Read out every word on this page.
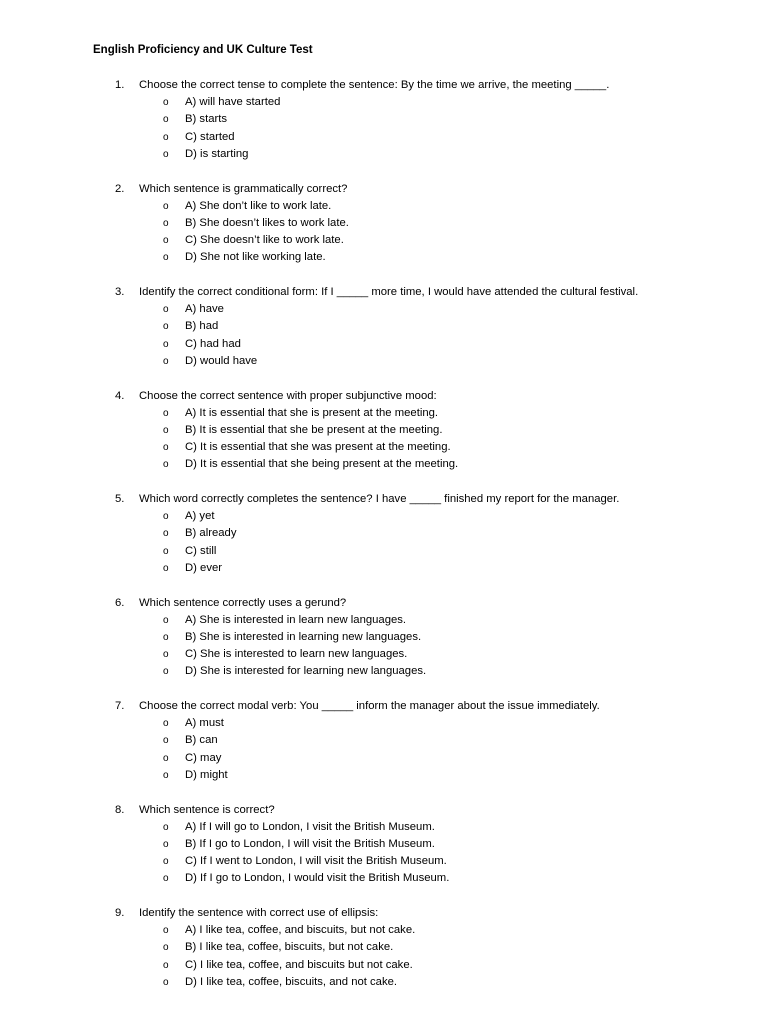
English Proficiency and UK Culture Test
1. Choose the correct tense to complete the sentence: By the time we arrive, the meeting _____.
o A) will have started
o B) starts
o C) started
o D) is starting
2. Which sentence is grammatically correct?
o A) She don’t like to work late.
o B) She doesn’t likes to work late.
o C) She doesn’t like to work late.
o D) She not like working late.
3. Identify the correct conditional form: If I _____ more time, I would have attended the cultural festival.
o A) have
o B) had
o C) had had
o D) would have
4. Choose the correct sentence with proper subjunctive mood:
o A) It is essential that she is present at the meeting.
o B) It is essential that she be present at the meeting.
o C) It is essential that she was present at the meeting.
o D) It is essential that she being present at the meeting.
5. Which word correctly completes the sentence? I have _____ finished my report for the manager.
o A) yet
o B) already
o C) still
o D) ever
6. Which sentence correctly uses a gerund?
o A) She is interested in learn new languages.
o B) She is interested in learning new languages.
o C) She is interested to learn new languages.
o D) She is interested for learning new languages.
7. Choose the correct modal verb: You _____ inform the manager about the issue immediately.
o A) must
o B) can
o C) may
o D) might
8. Which sentence is correct?
o A) If I will go to London, I visit the British Museum.
o B) If I go to London, I will visit the British Museum.
o C) If I went to London, I will visit the British Museum.
o D) If I go to London, I would visit the British Museum.
9. Identify the sentence with correct use of ellipsis:
o A) I like tea, coffee, and biscuits, but not cake.
o B) I like tea, coffee, biscuits, but not cake.
o C) I like tea, coffee, and biscuits but not cake.
o D) I like tea, coffee, biscuits, and not cake.
